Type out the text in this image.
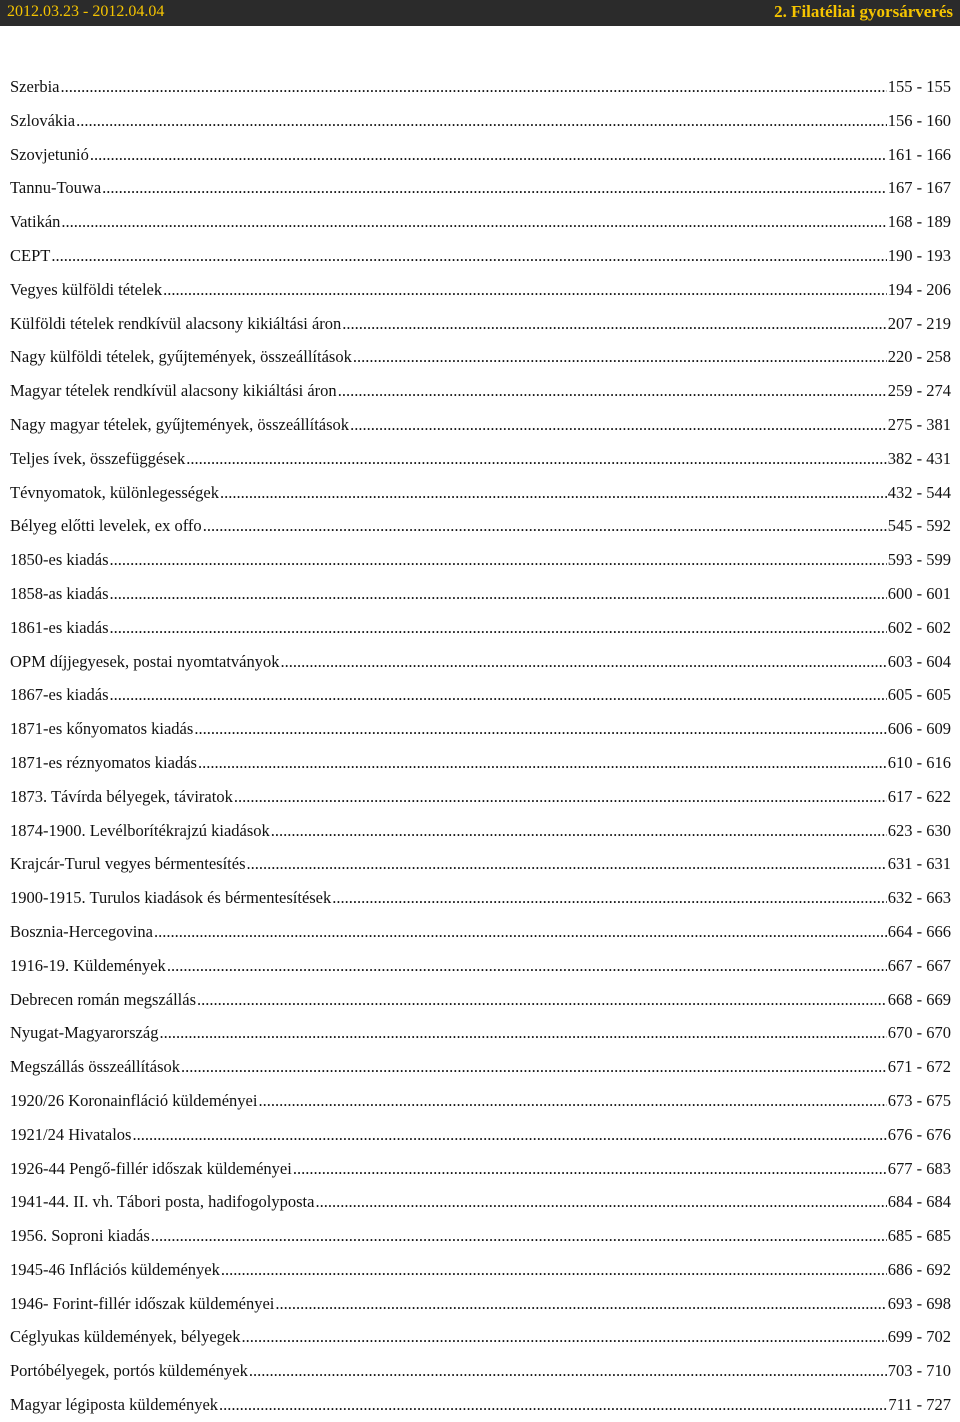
2012.03.23 - 2012.04.04	2. Filatéliai gyorsárverés
Szerbia .....	155 - 155
Szlovákia .....	156 - 160
Szovjetunió .....	161 - 166
Tannu-Touwa .....	167 - 167
Vatikán .....	168 - 189
CEPT .....	190 - 193
Vegyes külföldi tételek .....	194 - 206
Külföldi tételek rendkívül alacsony kikiáltási áron .....	207 - 219
Nagy külföldi tételek, gyűjtemények, összeállítások .....	220 - 258
Magyar tételek rendkívül alacsony kikiáltási áron .....	259 - 274
Nagy magyar tételek, gyűjtemények, összeállítások .....	275 - 381
Teljes ívek, összefüggések .....	382 - 431
Tévnyomatok, különlegességek .....	432 - 544
Bélyeg előtti levelek, ex offo .....	545 - 592
1850-es kiadás .....	593 - 599
1858-as kiadás .....	600 - 601
1861-es kiadás .....	602 - 602
OPM díjjegyesek, postai nyomtatványok .....	603 - 604
1867-es kiadás .....	605 - 605
1871-es kőnyomatos kiadás .....	606 - 609
1871-es réznyomatos kiadás .....	610 - 616
1873. Távírda bélyegek, táviratok .....	617 - 622
1874-1900. Levélborítékrajzú kiadások .....	623 - 630
Krajcár-Turul vegyes bérmentesítés .....	631 - 631
1900-1915. Turulos kiadások és bérmentesítések .....	632 - 663
Bosznia-Hercegovina .....	664 - 666
1916-19. Küldemények .....	667 - 667
Debrecen román megszállás .....	668 - 669
Nyugat-Magyarország .....	670 - 670
Megszállás összeállítások .....	671 - 672
1920/26 Koronainfláció küldeményei .....	673 - 675
1921/24 Hivatalos .....	676 - 676
1926-44 Pengő-fillér időszak küldeményei .....	677 - 683
1941-44. II. vh. Tábori posta, hadifogolyposta .....	684 - 684
1956. Soproni kiadás .....	685 - 685
1945-46 Inflációs küldemények .....	686 - 692
1946- Forint-fillér időszak küldeményei .....	693 - 698
Céglyukas küldemények, bélyegek .....	699 - 702
Portóbélyegek, portós küldemények .....	703 - 710
Magyar légiposta küldemények .....	711 - 727
